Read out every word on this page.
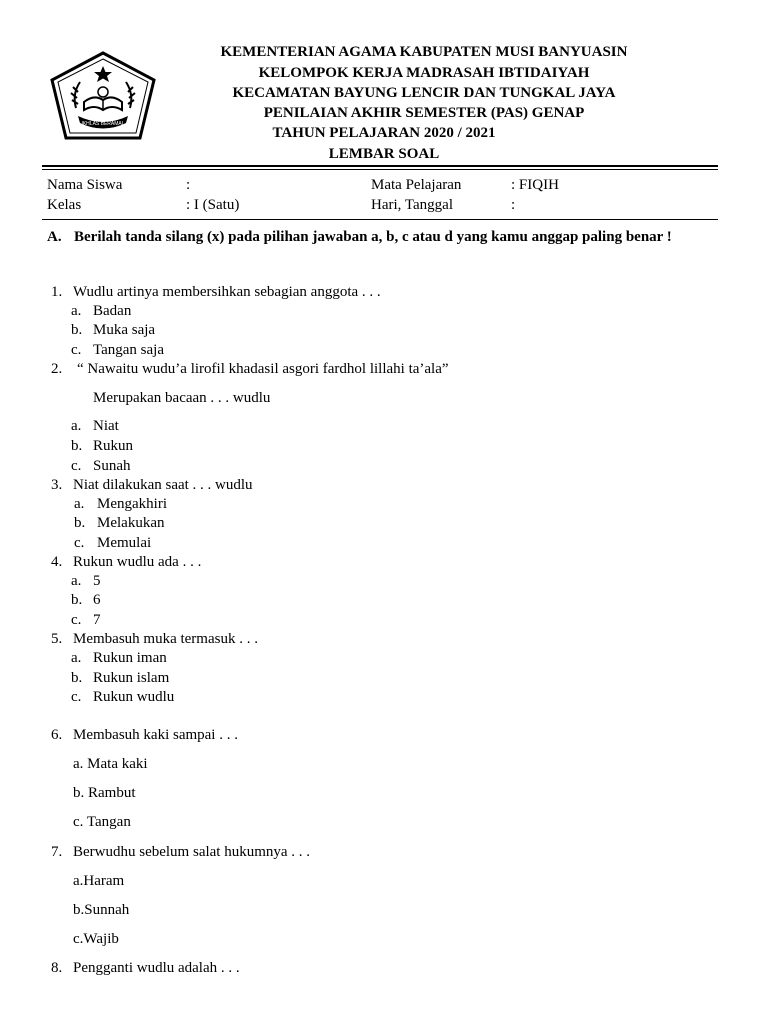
IKHLAS BERAMAL
KEMENTERIAN AGAMA KABUPATEN MUSI BANYUASIN
KELOMPOK KERJA MADRASAH IBTIDAIYAH
KECAMATAN BAYUNG LENCIR DAN TUNGKAL JAYA
PENILAIAN AKHIR SEMESTER (PAS) GENAP
TAHUN PELAJARAN 2020 / 2021
LEMBAR SOAL
Nama Siswa	:	Mata Pelajaran	: FIQIH
Kelas	: I (Satu)	Hari, Tanggal	:
A. Berilah tanda silang (x) pada pilihan jawaban a, b, c atau d yang kamu anggap paling benar !
1. Wudlu artinya membersihkan sebagian anggota . . .
a. Badan
b. Muka saja
c. Tangan saja
2. “ Nawaitu wudu’a lirofil khadasil asgori fardhol lillahi ta’ala”
Merupakan bacaan . . . wudlu
a. Niat
b. Rukun
c. Sunah
3. Niat dilakukan saat . . . wudlu
a. Mengakhiri
b. Melakukan
c. Memulai
4. Rukun wudlu ada . . .
a. 5
b. 6
c. 7
5. Membasuh muka termasuk . . .
a. Rukun iman
b. Rukun islam
c. Rukun wudlu
6. Membasuh kaki sampai . . .
a. Mata kaki
b. Rambut
c. Tangan
7. Berwudhu sebelum salat hukumnya . . .
a.Haram
b.Sunnah
c.Wajib
8. Pengganti wudlu adalah . . .
